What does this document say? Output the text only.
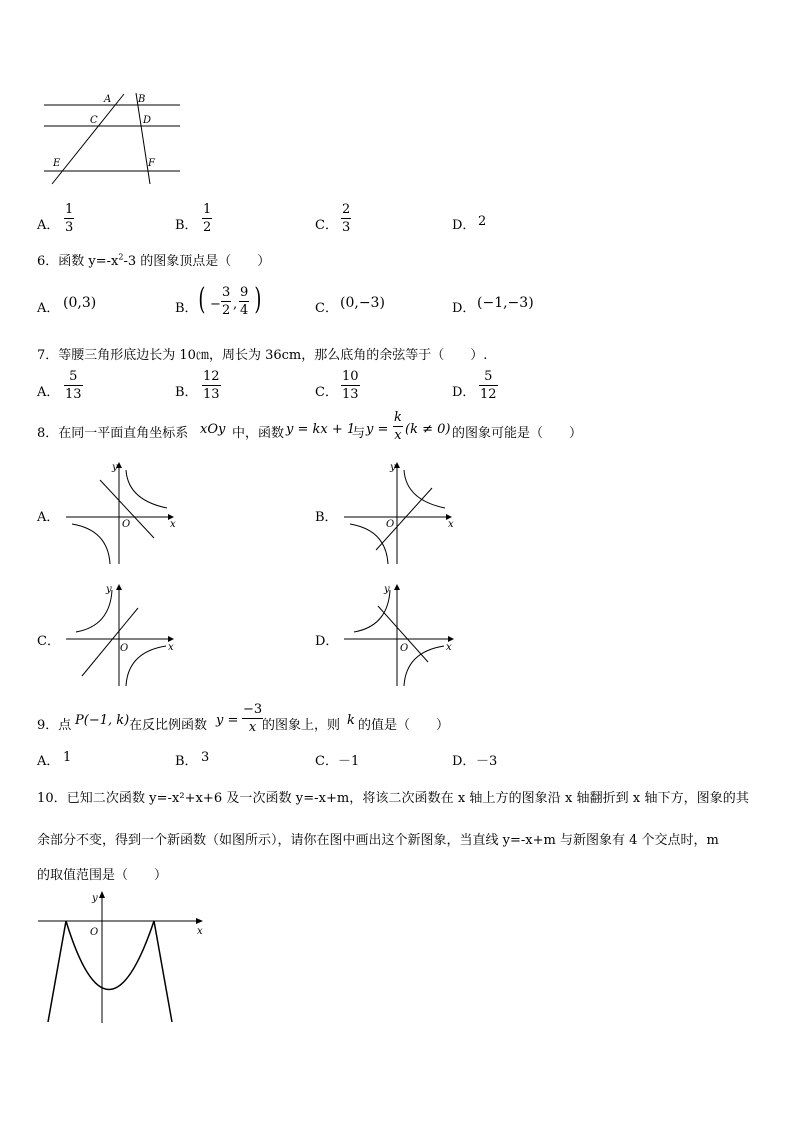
A	B
C	D
E	F
A．
1
3	B．
1
2	C．
2
3	D． 2
6．函数 $y=-x^2-3$ 的图象顶点是（　　）
A． (0,3)	B． ( −
3
2 ,
9
4 )	C． (0,−3)	D． (−1,−3)
7．等腰三角形底边长为 10㎝，周长为 36cm，那么底角的余弦等于（　　）.
A．
5
13	B．
12
13	C．
10
13	D．
5
12
8．在同一平面直角坐标系 xOy 中，函数 y = kx + 1
与 y =
k
x (k ≠ 0) 的图象可能是（　　）
A．
y
x
O	B．
y
x
O
C．
y
x
O	D．
y
x
O
9．点 P(−1, k) 在反比例函数 y =
−3
x 的图象上，则 k 的值是（　　）
A． 1	B． 3	C． －1	D． －3
10．已知二次函数 y=-x²+x+6 及一次函数 y=-x+m，将该二次函数在 x 轴上方的图象沿 x 轴翻折到 x 轴下方，图象的其
余部分不变，得到一个新函数（如图所示），请你在图中画出这个新图象，当直线 y=-x+m 与新图象有 4 个交点时，m
的取值范围是（　　）
y
x
O
